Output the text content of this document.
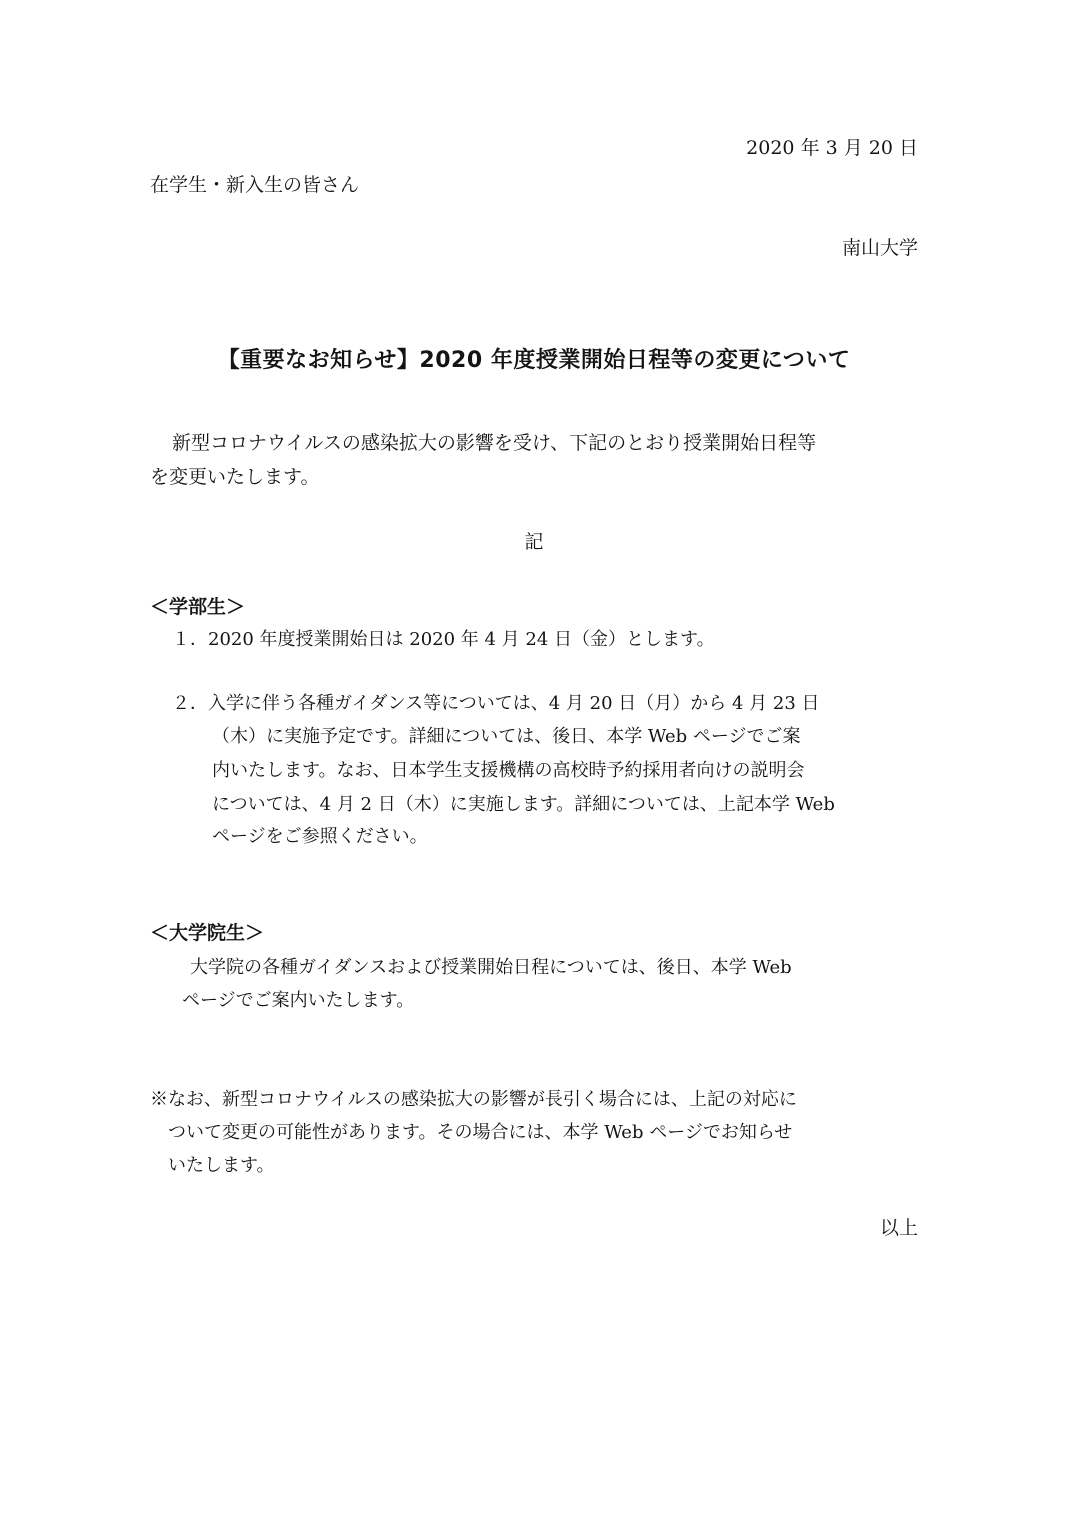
2020 年 3 月 20 日
在学生・新入生の皆さん
南山大学
【重要なお知らせ】2020 年度授業開始日程等の変更について
新型コロナウイルスの感染拡大の影響を受け、下記のとおり授業開始日程等
を変更いたします。
記
＜学部生＞
１．2020 年度授業開始日は 2020 年 4 月 24 日（金）とします。
２．入学に伴う各種ガイダンス等については、4 月 20 日（月）から 4 月 23 日
（木）に実施予定です。詳細については、後日、本学 Web ページでご案
内いたします。なお、日本学生支援機構の高校時予約採用者向けの説明会
については、4 月 2 日（木）に実施します。詳細については、上記本学 Web
ページをご参照ください。
＜大学院生＞
大学院の各種ガイダンスおよび授業開始日程については、後日、本学 Web
ページでご案内いたします。
※なお、新型コロナウイルスの感染拡大の影響が長引く場合には、上記の対応に
ついて変更の可能性があります。その場合には、本学 Web ページでお知らせ
いたします。
以上
